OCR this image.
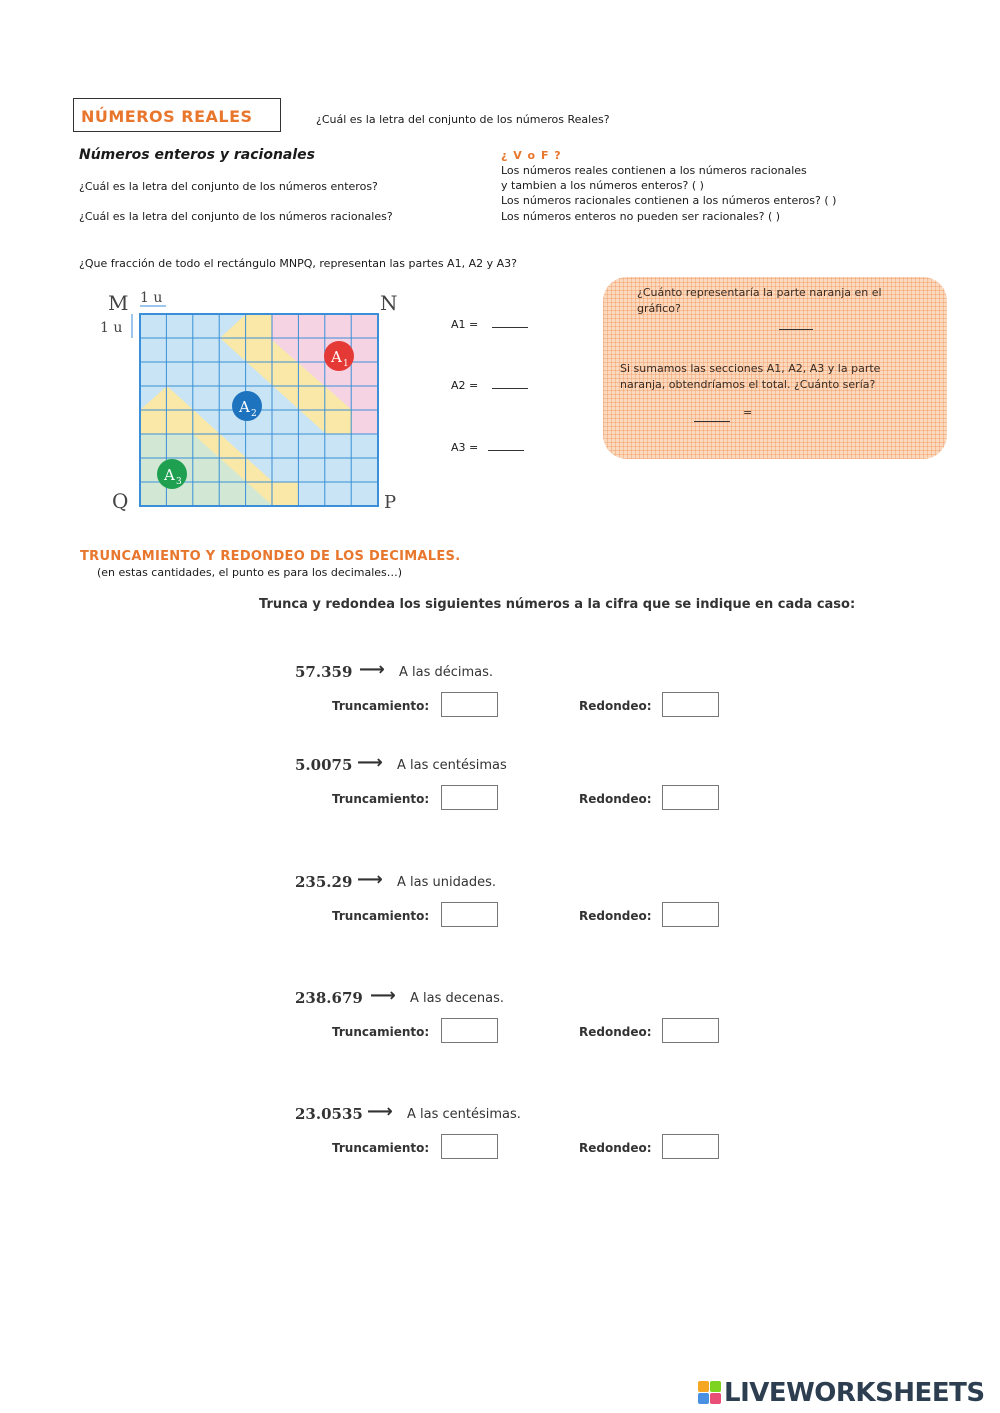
NÚMEROS REALES	¿Cuál es la letra del conjunto de los números Reales?
Números enteros y racionales
¿Cuál es la letra del conjunto de los números enteros?
¿Cuál es la letra del conjunto de los números racionales?
¿ V o F ?
Los números reales contienen a los números racionales
y tambien a los números enteros? ( )
Los números racionales contienen a los números enteros? ( )
Los números enteros no pueden ser racionales? ( )
¿Que fracción de todo el rectángulo MNPQ, representan las partes A1, A2 y A3?
M	N
Q	P
1 u
1 u
A 1
A 2
A 3
A1 =
A2 =
A3 =
¿Cuánto representaría la parte naranja en el gráfico?
Si sumamos las secciones A1, A2, A3 y la parte naranja, obtendríamos el total. ¿Cuánto sería?
=
TRUNCAMIENTO Y REDONDEO DE LOS DECIMALES.
(en estas cantidades, el punto es para los decimales…)
Trunca y redondea los siguientes números a la cifra que se indique en cada caso:
57.359 ⟶ A las décimas.
Truncamiento:	Redondeo:
5.0075 ⟶ A las centésimas
Truncamiento:	Redondeo:
235.29 ⟶ A las unidades.
Truncamiento:	Redondeo:
238.679 ⟶ A las decenas.
Truncamiento:	Redondeo:
23.0535 ⟶ A las centésimas.
Truncamiento:	Redondeo:
LIVEWORKSHEETS
